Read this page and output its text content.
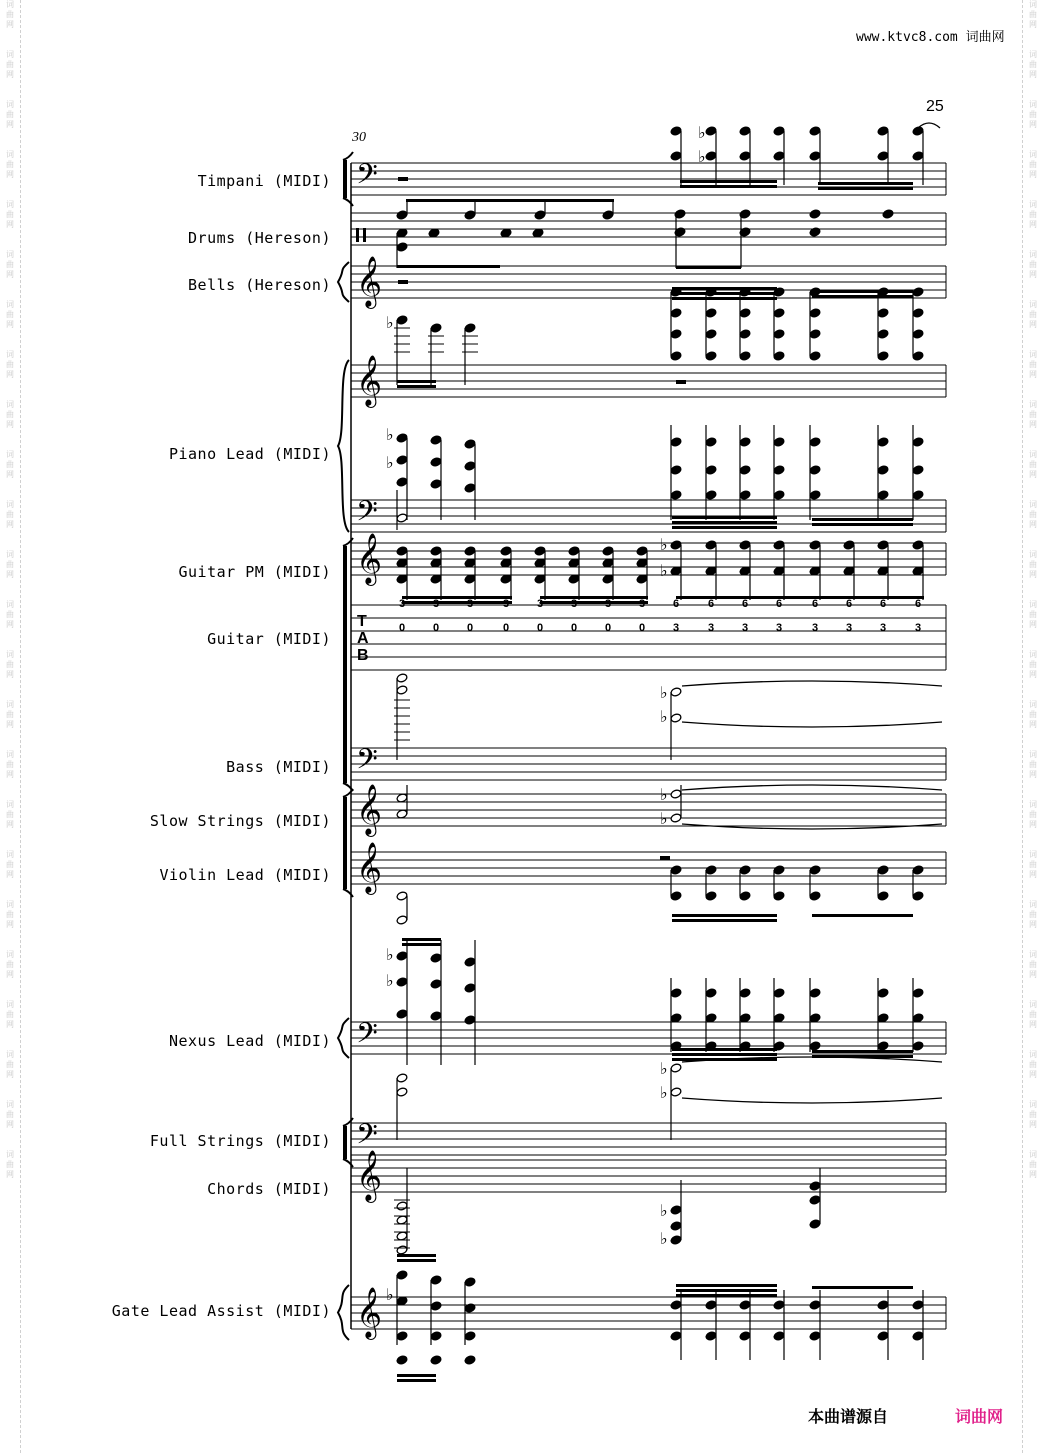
词
曲
网

词
曲
网

词
曲
网

词
曲
网

词
曲
网

词
曲
网

词
曲
网

词
曲
网

词
曲
网

词
曲
网

词
曲
网

词
曲
网

词
曲
网

词
曲
网

词
曲
网

词
曲
网

词
曲
网

词
曲
网

词
曲
网

词
曲
网

词
曲
网

词
曲
网

词
曲
网

词
曲
网

词
曲
网

词
曲
网

词
曲
网

词
曲
网

词
曲
网

词
曲
网

词
曲
网

词
曲
网

词
曲
网

词
曲
网

词
曲
网

词
曲
网

词
曲
网

词
曲
网

词
曲
网

词
曲
网

词
曲
网

词
曲
网

词
曲
网

词
曲
网

词
曲
网

词
曲
网

词
曲
网

词
曲
网

www.ktvc8.com 词曲网
25
30
Timpani (MIDI)
Drums (Hereson)
Bells (Hereson)
Piano Lead (MIDI)
Guitar PM (MIDI)
Guitar (MIDI)
Bass (MIDI)
Slow Strings (MIDI)
Violin Lead (MIDI)
Nexus Lead (MIDI)
Full Strings (MIDI)
Chords (MIDI)
Gate Lead Assist (MIDI)
𝄢
𝄞
𝄞
𝄢
𝄞
𝄢
𝄞
𝄞
𝄢
𝄢
𝄞
𝄞
♭
♭
♭
♭
♭
♭
♭
♭
♭
♭
♭
♭
♭
♭
♭
♭
♭
♭
T
A
B
3
0
3
0
3
0
3
0
3
0
3
0
3
0
3
0
6
3
6
3
6
3
6
3
6
3
6
3
6
3
6
3
本曲谱源自	词曲网
